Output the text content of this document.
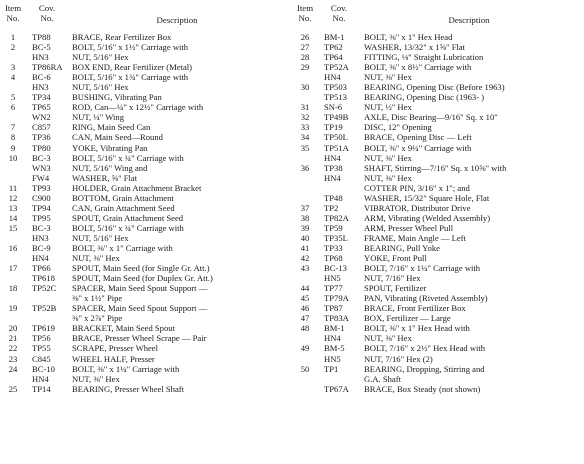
Item No.
Cov. No.	Description
1	TP88	BRACE, Rear Fertilizer Box
2	BC-5	BOLT, 5/16" x 1½" Carriage with
HN3	NUT, 5/16" Hex
3	TP86RA	BOX END, Rear Fertilizer (Metal)
4	BC-6	BOLT, 5/16" x 1¾" Carriage with
HN3	NUT, 5/16" Hex
5	TP34	BUSHING, Vibrating Pan
6	TP65	ROD, Can—¼" x 12½" Carriage with
WN2	NUT, ¼" Wing
7	C857	RING, Main Seed Can
8	TP36	CAN, Main Seed—Round
9	TP80	YOKE, Vibrating Pan
10	BC-3	BOLT, 5/16" x ¾" Carriage with
WN3	NUT, 5/16" Wing and
FW4	WASHER, ⅝" Flat
11	TP93	HOLDER, Grain Attachment Bracket
12	C900	BOTTOM, Grain Attachment
13	TP94	CAN, Grain Attachment Seed
14	TP95	SPOUT, Grain Attachment Seed
15	BC-3	BOLT, 5/16" x ¾" Carriage with
HN3	NUT, 5/16" Hex
16	BC-9	BOLT, ⅜" x 1" Carriage with
HN4	NUT, ⅜" Hex
17	TP66	SPOUT, Main Seed (for Single Gr. Att.)
TP618	SPOUT, Main Seed (for Duplex Gr. Att.)
18	TP52C	SPACER, Main Seed Spout Support —
⅜" x 1½" Pipe
19	TP52B	SPACER, Main Seed Spout Support —
⅜" x 2⅞" Pipe
20	TP619	BRACKET, Main Seed Spout
21	TP56	BRACE, Presser Wheel Scrape — Pair
22	TP55	SCRAPE, Presser Wheel
23	C845	WHEEL HALF, Presser
24	BC-10	BOLT, ⅜" x 1¼" Carriage with
HN4	NUT, ⅜" Hex
25	TP14	BEARING, Presser Wheel Shaft
Item No.
Cov. No.	Description
26	BM-1	BOLT, ⅜" x 1" Hex Head
27	TP62	WASHER, 13/32" x 1⅝" Flat
28	TP64	FITTING, ⅛" Straight Lubrication
29	TP52A	BOLT, ⅜" x 8½" Carriage with
HN4	NUT, ⅜" Hex
30	TP503	BEARING, Opening Disc (Before 1963)
TP513	BEARING, Opening Disc (1963- )
31	SN-6	NUT, ½" Hex
32	TP49B	AXLE, Disc Bearing—9/16" Sq. x 10"
33	TP19	DISC, 12" Opening
34	TP50L	BRACE, Opening Disc — Left
35	TP51A	BOLT, ⅜" x 9¼" Carriage with
HN4	NUT, ⅜" Hex
36	TP38	SHAFT, Stirring—7/16" Sq. x 10⅝" with
HN4	NUT, ⅜" Hex
COTTER PIN, 3/16" x 1"; and
TP48	WASHER, 15/32" Square Hole, Flat
37	TP2	VIBRATOR, Distributor Drive
38	TP82A	ARM, Vibrating (Welded Assembly)
39	TP59	ARM, Presser Wheel Pull
40	TP35L	FRAME, Main Angle — Left
41	TP33	BEARING, Pull Yoke
42	TP68	YOKE, Front Pull
43	BC-13	BOLT, 7/16" x 1¼" Carriage with
HN5	NUT, 7/16" Hex
44	TP77	SPOUT, Fertilizer
45	TP79A	PAN, Vibrating (Riveted Assembly)
46	TP87	BRACE, Front Fertilizer Box
47	TP83A	BOX, Fertilizer — Large
48	BM-1	BOLT, ⅜" x 1" Hex Head with
HN4	NUT, ⅜" Hex
49	BM-5	BOLT, 7/16" x 2½" Hex Head with
HN5	NUT, 7/16" Hex (2)
50	TP1	BEARING, Dropping, Stirring and
G.A. Shaft
TP67A	BRACE, Box Steady (not shown)
